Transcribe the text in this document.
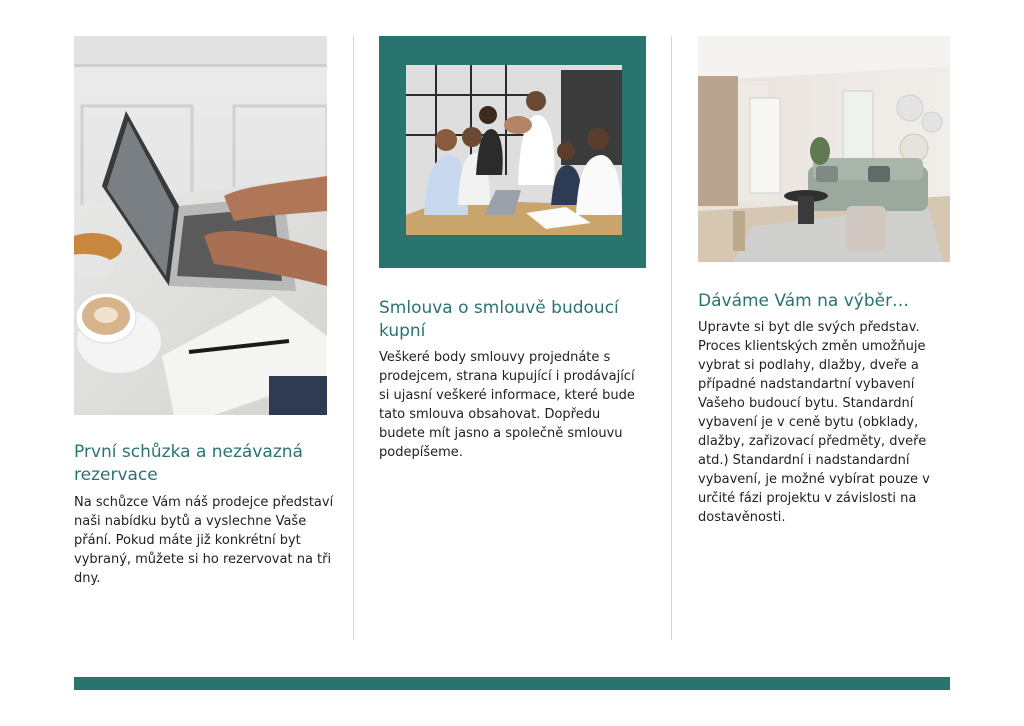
První schůzka a nezávazná rezervace

Na schůzce Vám náš prodejce představí naši nabídku bytů a vyslechne Vaše přání. Pokud máte již konkrétní byt vybraný, můžete si ho rezervovat na tři dny.

Smlouva o smlouvě budoucí kupní

Veškeré body smlouvy projednáte s prodejcem, strana kupující i prodávající si ujasní veškeré informace, které bude tato smlouva obsahovat. Dopředu budete mít jasno a společně smlouvu podepíšeme.

Dáváme Vám na výběr…

Upravte si byt dle svých představ. Proces klientských změn umožňuje vybrat si podlahy, dlažby, dveře a případné nadstandartní vybavení Vašeho budoucí bytu. Standardní vybavení je v ceně bytu (obklady, dlažby, zařizovací předměty, dveře atd.) Standardní i nadstandardní vybavení, je možné vybírat pouze v určité fázi projektu v závislosti na dostavěnosti.
